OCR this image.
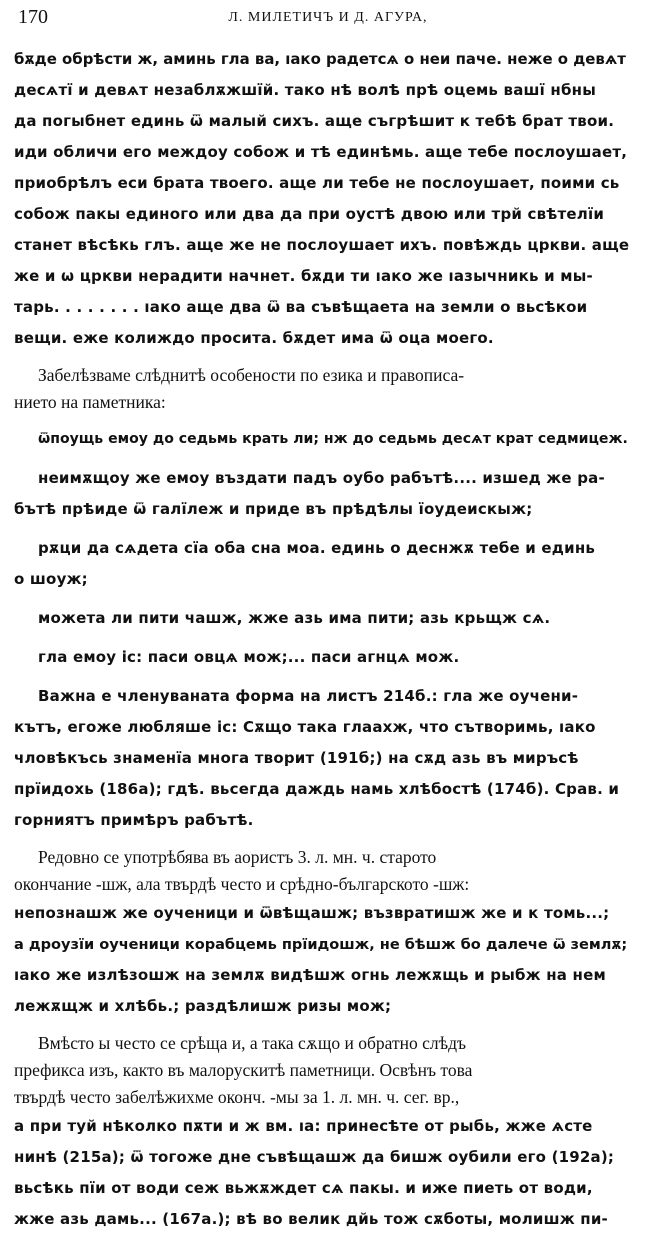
170	Л. МИЛЕТИЧЪ И Д. АГУРА,
бѫде обрѣсти ж, аминь гла ва, ıако радетсѧ о неи паче. неже о девѧт
десѧтї и девѧт незаблѫжшїй. тако нѣ волѣ прѣ оцемь вашї нбны
да погыбнет единь ѿ малый сихъ. аще съгрѣшит к тебѣ брат твои.
иди обличи его междоу собож и тѣ единѣмь. аще тебе послоушает,
приобрѣлъ еси брата твоего. аще ли тебе не послоушает, поими сь
собож пакы единого или два да при оустѣ двою или трй свѣтелїи
станет вѣсѣкь глъ. аще же не послоушает ихъ. повѣждь цркви. аще
же и ѡ цркви нерадити начнет. бѫди ти ıако же ıазычникь и мы-
тарь. . . . . . . . ıако аще два ѿ ва съвѣщаета на земли о вьсѣкои
вещи. еже колиждо просита. бѫдет има ѿ оца моего.
Забелѣзваме слѣднитѣ особености по езика и правописа-
нието на паметника:
ѿпоущь емоу до седьмь крать ли; нж до седьмь десѧт крат седмицеж.
неимѫщоу же емоу въздати падъ оубо рабътѣ.... изшед же ра-
бътѣ прѣиде ѿ галїлеж и приде въ прѣдѣлы їоудеискыж;
рѫци да сѧдета сїа оба сна моа. единь о деснжѫ тебе и единь
о шоуж;
можета ли пити чашж, жже азь има пити; азь крьщж сѧ.
гла емоу іс: паси овцѧ мож;... паси агнцѧ мож.
Важна е членуваната форма на листъ 214б.: гла же оучени-
кътъ, егоже любляше іс: Сѫщо така глаахж, что сътворимь, ıако
чловѣкъсь знаменїа многа творит (191б;) на сѫд азь въ миръсѣ
прїидохь (186а); гдѣ. вьсегда даждь намь хлѣбостѣ (174б). Срав. и
горниятъ примѣръ рабътѣ.
Редовно се употрѣбява въ аористъ 3. л. мн. ч. старото
окончание -шж, ала твърдѣ често и срѣдно-българското -шж:
непознашж же оученици и ѿвѣщашж; възвратишж же и к томь...;
а дроузїи оученици корабцемь прїидошж, не бѣшж бо далече ѿ землѫ;
ıако же излѣзошж на землѫ видѣшж огнь лежѫщь и рыбж на нем
лежѫщж и хлѣбь.; раздѣлишж ризы мож;
Вмѣсто ы често се срѣща и, а така сѫщо и обратно слѣдъ
префикса изъ, както въ малорускитѣ паметници. Освѣнъ това
твърдѣ често забелѣжихме оконч. -мы за 1. л. мн. ч. сег. вр.,
а при туй нѣколко пѫти и ж вм. ıа: принесѣте от рыбь, жже ѧсте
нинѣ (215а); ѿ тогоже дне съвѣщашж да бишж оубили его (192а);
вьсѣкь пїи от води сеж вьжѫждет сѧ пакы. и иже пиеть от води,
жже азь дамь... (167а.); вѣ во велик дйь тож сѫботы, молишж пи-
